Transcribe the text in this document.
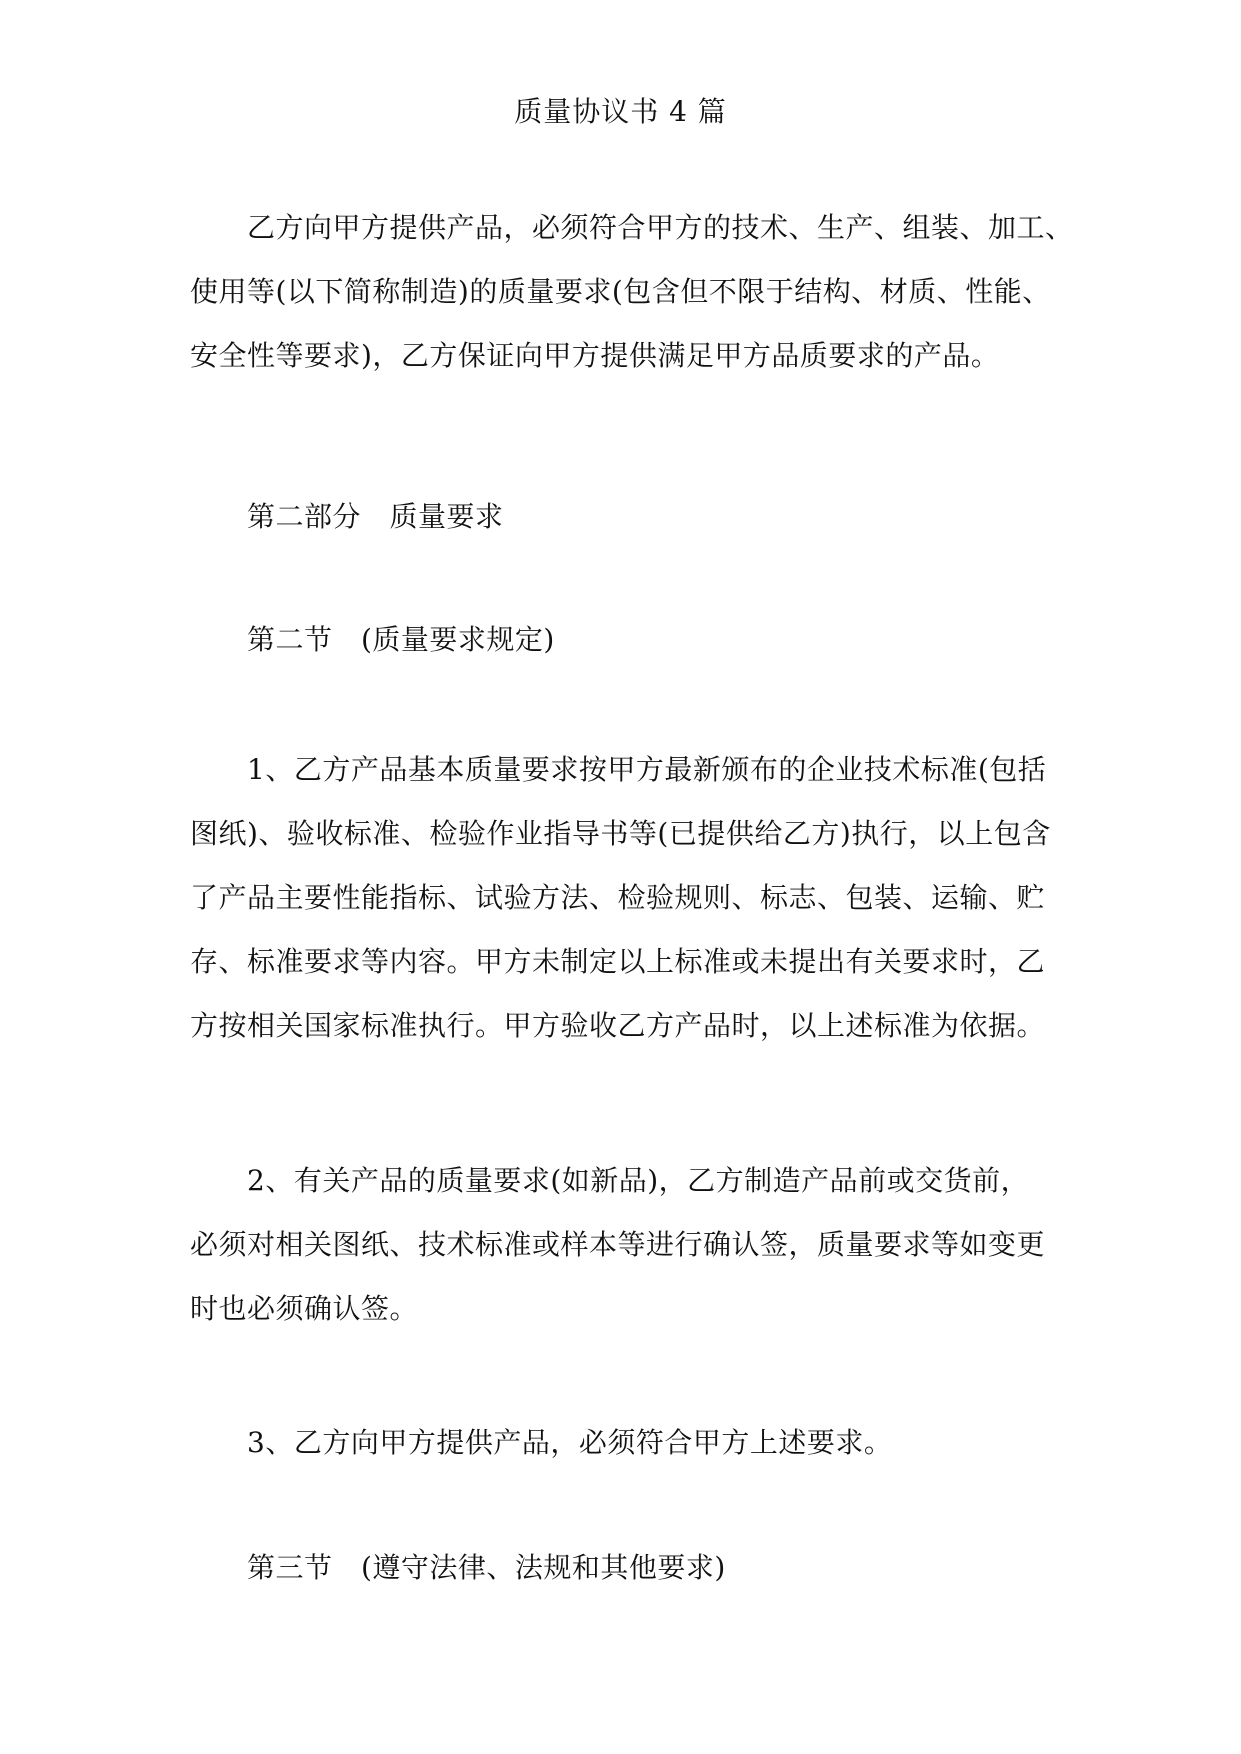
质量协议书 4 篇

乙方向甲方提供产品，必须符合甲方的技术、生产、组装、加工、
使用等(以下简称制造)的质量要求(包含但不限于结构、材质、性能、
安全性等要求)，乙方保证向甲方提供满足甲方品质要求的产品。

第二部分　质量要求

第二节　(质量要求规定)

1、乙方产品基本质量要求按甲方最新颁布的企业技术标准(包括
图纸)、验收标准、检验作业指导书等(已提供给乙方)执行，以上包含
了产品主要性能指标、试验方法、检验规则、标志、包装、运输、贮
存、标准要求等内容。甲方未制定以上标准或未提出有关要求时，乙
方按相关国家标准执行。甲方验收乙方产品时，以上述标准为依据。

2、有关产品的质量要求(如新品)，乙方制造产品前或交货前，
必须对相关图纸、技术标准或样本等进行确认签，质量要求等如变更
时也必须确认签。

3、乙方向甲方提供产品，必须符合甲方上述要求。

第三节　(遵守法律、法规和其他要求)
